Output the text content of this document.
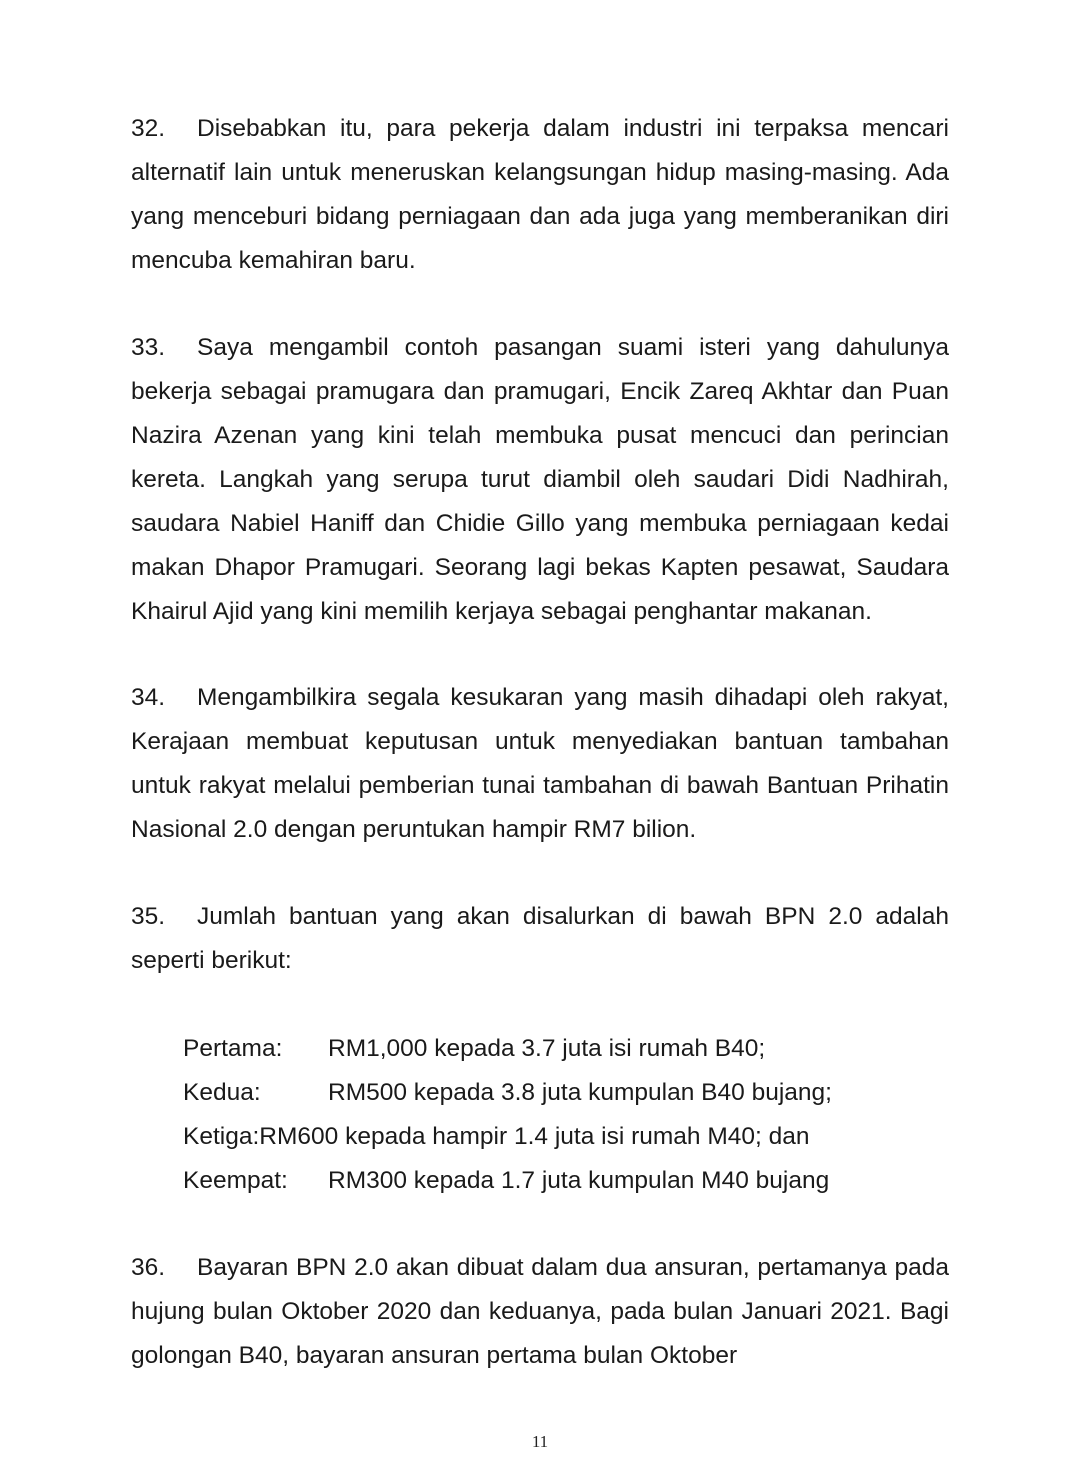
32. Disebabkan itu, para pekerja dalam industri ini terpaksa mencari alternatif lain untuk meneruskan kelangsungan hidup masing-masing. Ada yang menceburi bidang perniagaan dan ada juga yang memberanikan diri mencuba kemahiran baru.

33. Saya mengambil contoh pasangan suami isteri yang dahulunya bekerja sebagai pramugara dan pramugari, Encik Zareq Akhtar dan Puan Nazira Azenan yang kini telah membuka pusat mencuci dan perincian kereta. Langkah yang serupa turut diambil oleh saudari Didi Nadhirah, saudara Nabiel Haniff dan Chidie Gillo yang membuka perniagaan kedai makan Dhapor Pramugari. Seorang lagi bekas Kapten pesawat, Saudara Khairul Ajid yang kini memilih kerjaya sebagai penghantar makanan.

34. Mengambilkira segala kesukaran yang masih dihadapi oleh rakyat, Kerajaan membuat keputusan untuk menyediakan bantuan tambahan untuk rakyat melalui pemberian tunai tambahan di bawah Bantuan Prihatin Nasional 2.0 dengan peruntukan hampir RM7 bilion.

35. Jumlah bantuan yang akan disalurkan di bawah BPN 2.0 adalah seperti berikut:

Pertama: RM1,000 kepada 3.7 juta isi rumah B40;
Kedua:	RM500 kepada 3.8 juta kumpulan B40 bujang;
Ketiga:RM600 kepada hampir 1.4 juta isi rumah M40; dan
Keempat: RM300 kepada 1.7 juta kumpulan M40 bujang

36. Bayaran BPN 2.0 akan dibuat dalam dua ansuran, pertamanya pada hujung bulan Oktober 2020 dan keduanya, pada bulan Januari 2021. Bagi golongan B40, bayaran ansuran pertama bulan Oktober

11
